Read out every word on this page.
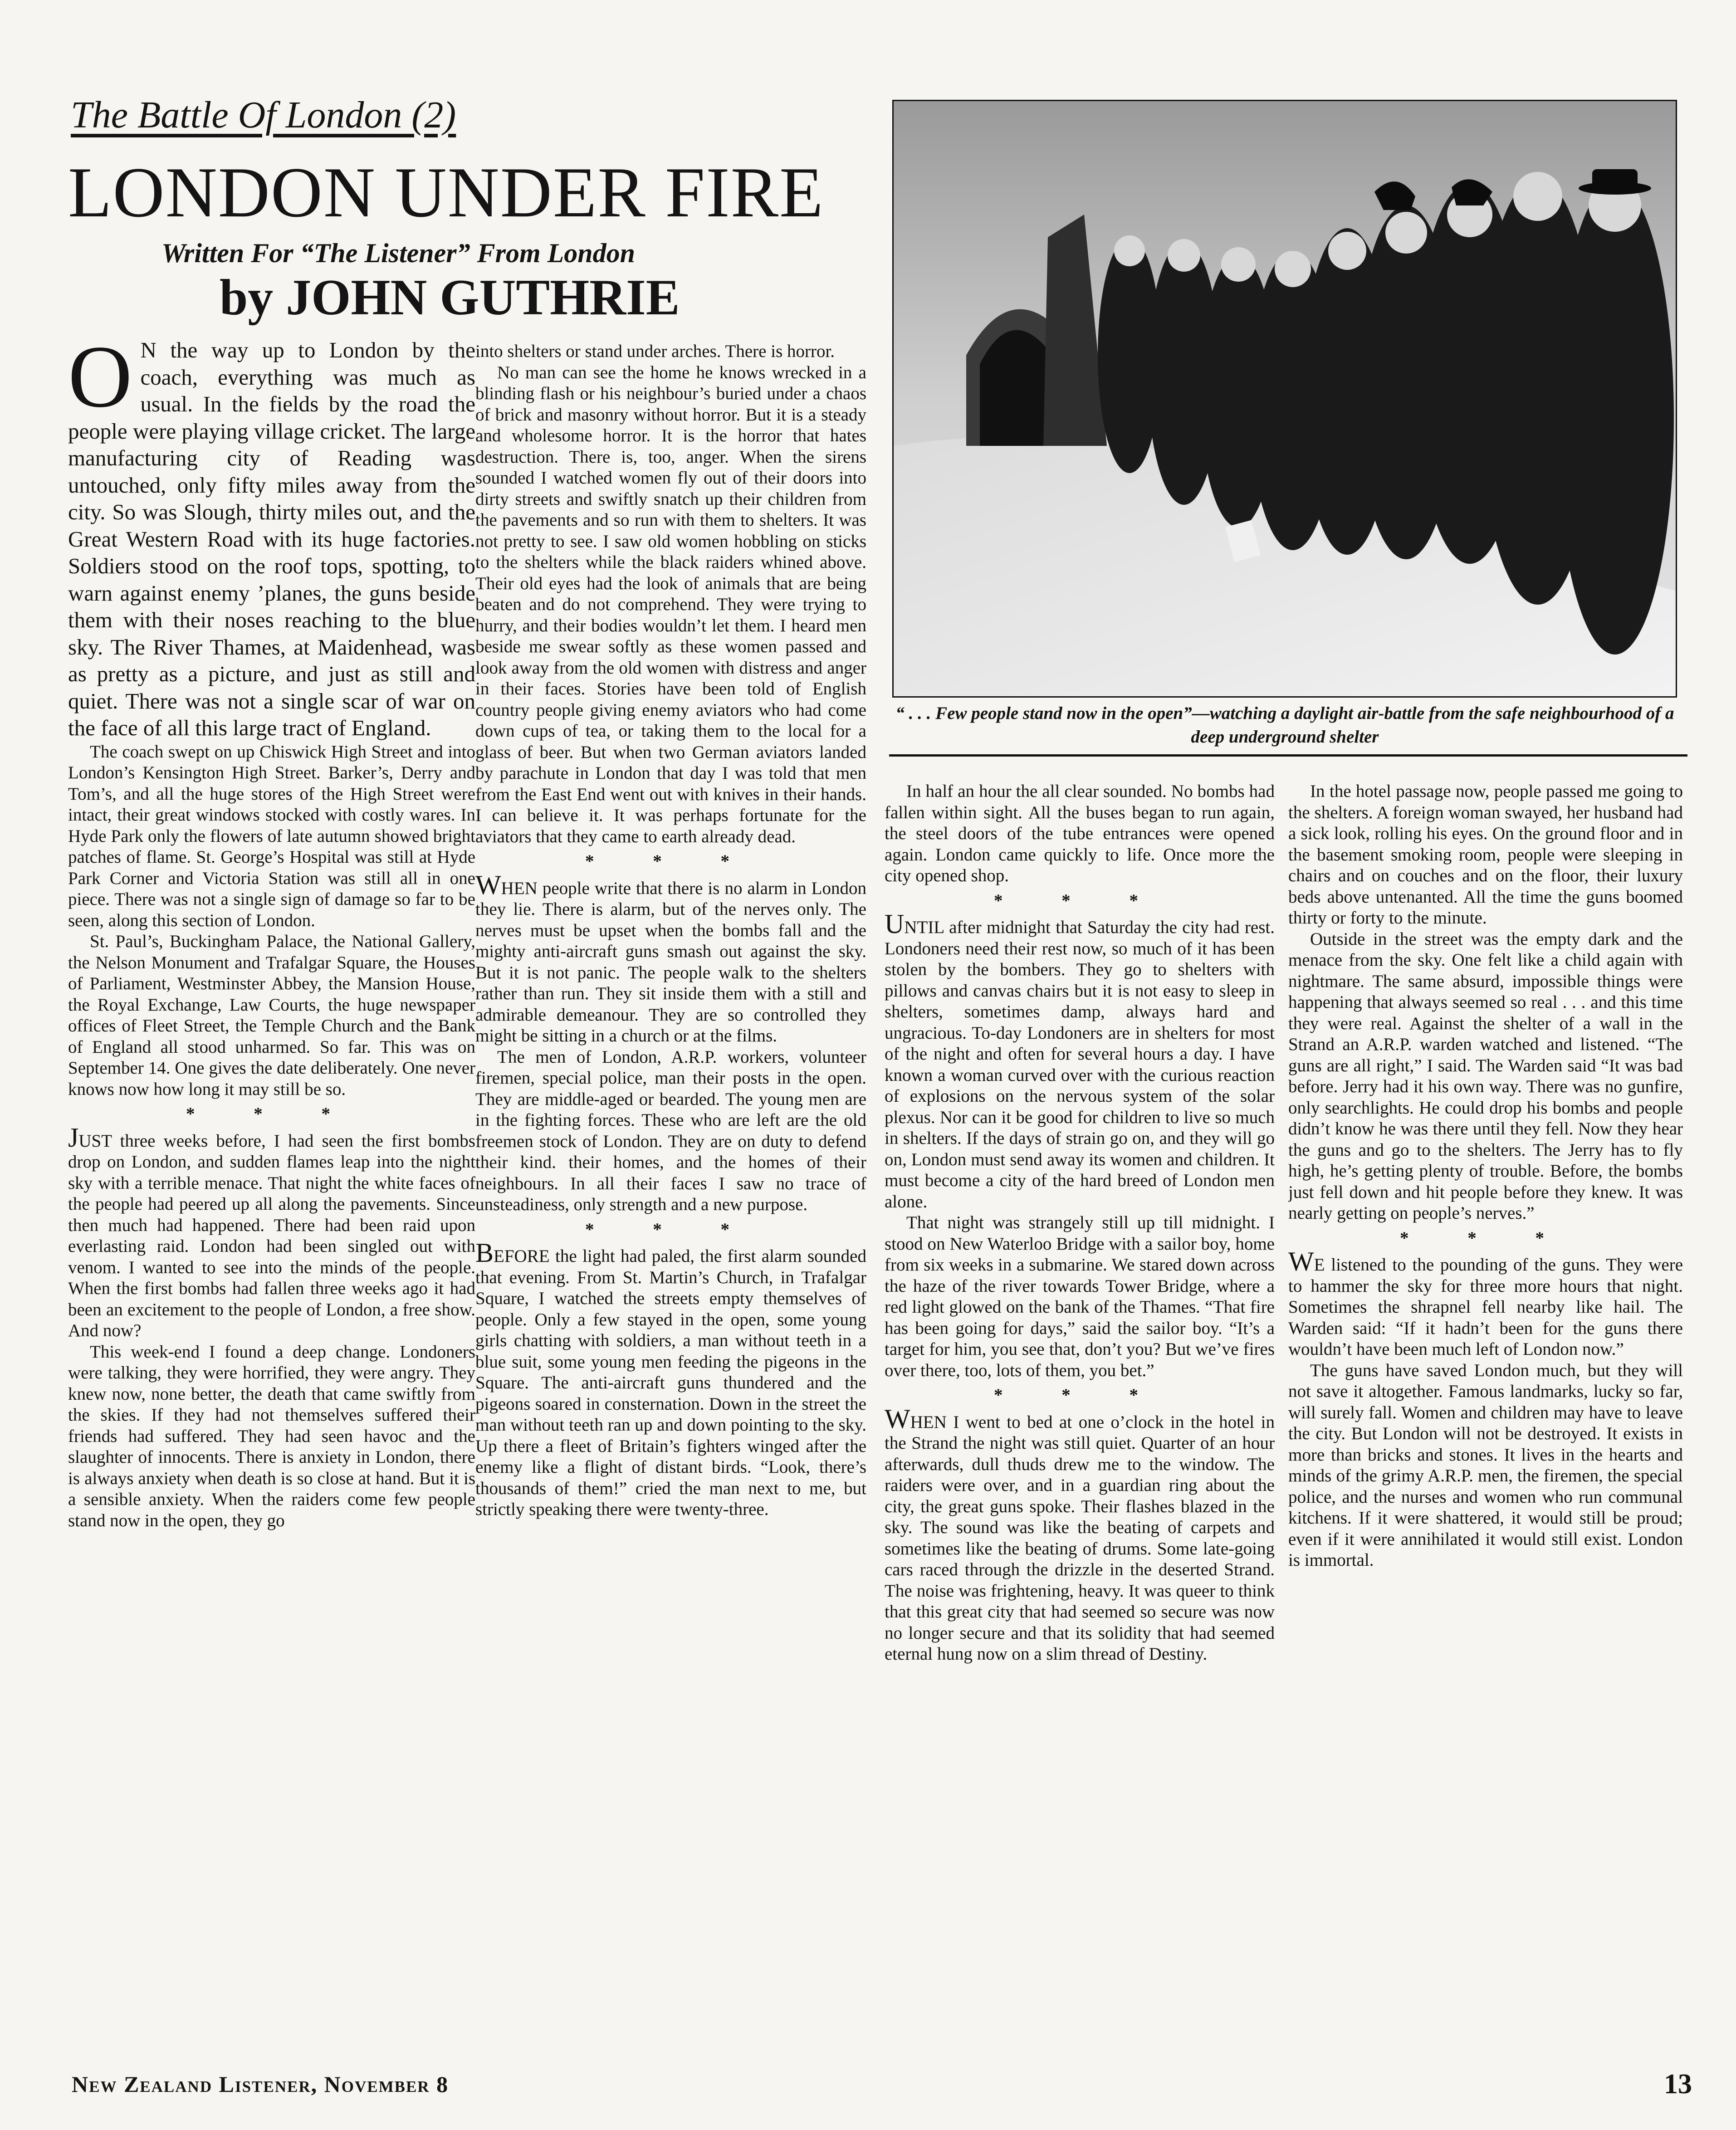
The Battle Of London (2)
LONDON UNDER FIRE
Written For “The Listener” From London
by JOHN GUTHRIE
“ . . . Few people stand now in the open”—watching a daylight air-battle from the safe neighbourhood of a deep underground shelter

O N the way up to London by the coach, everything was much as usual. In the fields by the road the people were playing village cricket. The large manufacturing city of Reading was untouched, only fifty miles away from the city. So was Slough, thirty miles out, and the Great Western Road with its huge factories. Soldiers stood on the roof tops, spotting, to warn against enemy ’planes, the guns beside them with their noses reaching to the blue sky. The River Thames, at Maidenhead, was as pretty as a picture, and just as still and quiet. There was not a single scar of war on the face of all this large tract of England.

The coach swept on up Chiswick High Street and into London’s Kensington High Street. Barker’s, Derry and Tom’s, and all the huge stores of the High Street were intact, their great windows stocked with costly wares. In Hyde Park only the flowers of late autumn showed bright patches of flame. St. George’s Hospital was still at Hyde Park Corner and Victoria Station was still all in one piece. There was not a single sign of damage so far to be seen, along this section of London.

St. Paul’s, Buckingham Palace, the National Gallery, the Nelson Monument and Trafalgar Square, the Houses of Parliament, Westminster Abbey, the Mansion House, the Royal Exchange, Law Courts, the huge newspaper offices of Fleet Street, the Temple Church and the Bank of England all stood unharmed. So far. This was on September 14. One gives the date deliberately. One never knows now how long it may still be so.

* * *

JUST three weeks before, I had seen the first bombs drop on London, and sudden flames leap into the night sky with a terrible menace. That night the white faces of the people had peered up all along the pavements. Since then much had happened. There had been raid upon everlasting raid. London had been singled out with venom. I wanted to see into the minds of the people. When the first bombs had fallen three weeks ago it had been an excitement to the people of London, a free show. And now?

This week-end I found a deep change. Londoners were talking, they were horrified, they were angry. They knew now, none better, the death that came swiftly from the skies. If they had not themselves suffered their friends had suffered. They had seen havoc and the slaughter of innocents. There is anxiety in London, there is always anxiety when death is so close at hand. But it is a sensible anxiety. When the raiders come few people stand now in the open, they go

into shelters or stand under arches. There is horror.

No man can see the home he knows wrecked in a blinding flash or his neighbour’s buried under a chaos of brick and masonry without horror. But it is a steady and wholesome horror. It is the horror that hates destruction. There is, too, anger. When the sirens sounded I watched women fly out of their doors into dirty streets and swiftly snatch up their children from the pavements and so run with them to shelters. It was not pretty to see. I saw old women hobbling on sticks to the shelters while the black raiders whined above. Their old eyes had the look of animals that are being beaten and do not comprehend. They were trying to hurry, and their bodies wouldn’t let them. I heard men beside me swear softly as these women passed and look away from the old women with distress and anger in their faces. Stories have been told of English country people giving enemy aviators who had come down cups of tea, or taking them to the local for a glass of beer. But when two German aviators landed by parachute in London that day I was told that men from the East End went out with knives in their hands. I can believe it. It was perhaps fortunate for the aviators that they came to earth already dead.

* * *

WHEN people write that there is no alarm in London they lie. There is alarm, but of the nerves only. The nerves must be upset when the bombs fall and the mighty anti-aircraft guns smash out against the sky. But it is not panic. The people walk to the shelters rather than run. They sit inside them with a still and admirable demeanour. They are so controlled they might be sitting in a church or at the films.

The men of London, A.R.P. workers, volunteer firemen, special police, man their posts in the open. They are middle-aged or bearded. The young men are in the fighting forces. These who are left are the old freemen stock of London. They are on duty to defend their kind. their homes, and the homes of their neighbours. In all their faces I saw no trace of unsteadiness, only strength and a new purpose.

* * *

BEFORE the light had paled, the first alarm sounded that evening. From St. Martin’s Church, in Trafalgar Square, I watched the streets empty themselves of people. Only a few stayed in the open, some young girls chatting with soldiers, a man without teeth in a blue suit, some young men feeding the pigeons in the Square. The anti-aircraft guns thundered and the pigeons soared in consternation. Down in the street the man without teeth ran up and down pointing to the sky. Up there a fleet of Britain’s fighters winged after the enemy like a flight of distant birds. “Look, there’s thousands of them!” cried the man next to me, but strictly speaking there were twenty-three.

In half an hour the all clear sounded. No bombs had fallen within sight. All the buses began to run again, the steel doors of the tube entrances were opened again. London came quickly to life. Once more the city opened shop.

* * *

UNTIL after midnight that Saturday the city had rest. Londoners need their rest now, so much of it has been stolen by the bombers. They go to shelters with pillows and canvas chairs but it is not easy to sleep in shelters, sometimes damp, always hard and ungracious. To-day Londoners are in shelters for most of the night and often for several hours a day. I have known a woman curved over with the curious reaction of explosions on the nervous system of the solar plexus. Nor can it be good for children to live so much in shelters. If the days of strain go on, and they will go on, London must send away its women and children. It must become a city of the hard breed of London men alone.

That night was strangely still up till midnight. I stood on New Waterloo Bridge with a sailor boy, home from six weeks in a submarine. We stared down across the haze of the river towards Tower Bridge, where a red light glowed on the bank of the Thames. “That fire has been going for days,” said the sailor boy. “It’s a target for him, you see that, don’t you? But we’ve fires over there, too, lots of them, you bet.”

* * *

WHEN I went to bed at one o’clock in the hotel in the Strand the night was still quiet. Quarter of an hour afterwards, dull thuds drew me to the window. The raiders were over, and in a guardian ring about the city, the great guns spoke. Their flashes blazed in the sky. The sound was like the beating of carpets and sometimes like the beating of drums. Some late-going cars raced through the drizzle in the deserted Strand. The noise was frightening, heavy. It was queer to think that this great city that had seemed so secure was now no longer secure and that its solidity that had seemed eternal hung now on a slim thread of Destiny.

In the hotel passage now, people passed me going to the shelters. A foreign woman swayed, her husband had a sick look, rolling his eyes. On the ground floor and in the basement smoking room, people were sleeping in chairs and on couches and on the floor, their luxury beds above untenanted. All the time the guns boomed thirty or forty to the minute.

Outside in the street was the empty dark and the menace from the sky. One felt like a child again with nightmare. The same absurd, impossible things were happening that always seemed so real . . . and this time they were real. Against the shelter of a wall in the Strand an A.R.P. warden watched and listened. “The guns are all right,” I said. The Warden said “It was bad before. Jerry had it his own way. There was no gunfire, only searchlights. He could drop his bombs and people didn’t know he was there until they fell. Now they hear the guns and go to the shelters. The Jerry has to fly high, he’s getting plenty of trouble. Before, the bombs just fell down and hit people before they knew. It was nearly getting on people’s nerves.”

* * *

WE listened to the pounding of the guns. They were to hammer the sky for three more hours that night. Sometimes the shrapnel fell nearby like hail. The Warden said: “If it hadn’t been for the guns there wouldn’t have been much left of London now.”

The guns have saved London much, but they will not save it altogether. Famous landmarks, lucky so far, will surely fall. Women and children may have to leave the city. But London will not be destroyed. It exists in more than bricks and stones. It lives in the hearts and minds of the grimy A.R.P. men, the firemen, the special police, and the nurses and women who run communal kitchens. If it were shattered, it would still be proud; even if it were annihilated it would still exist. London is immortal.

New Zealand Listener, November 8	13
